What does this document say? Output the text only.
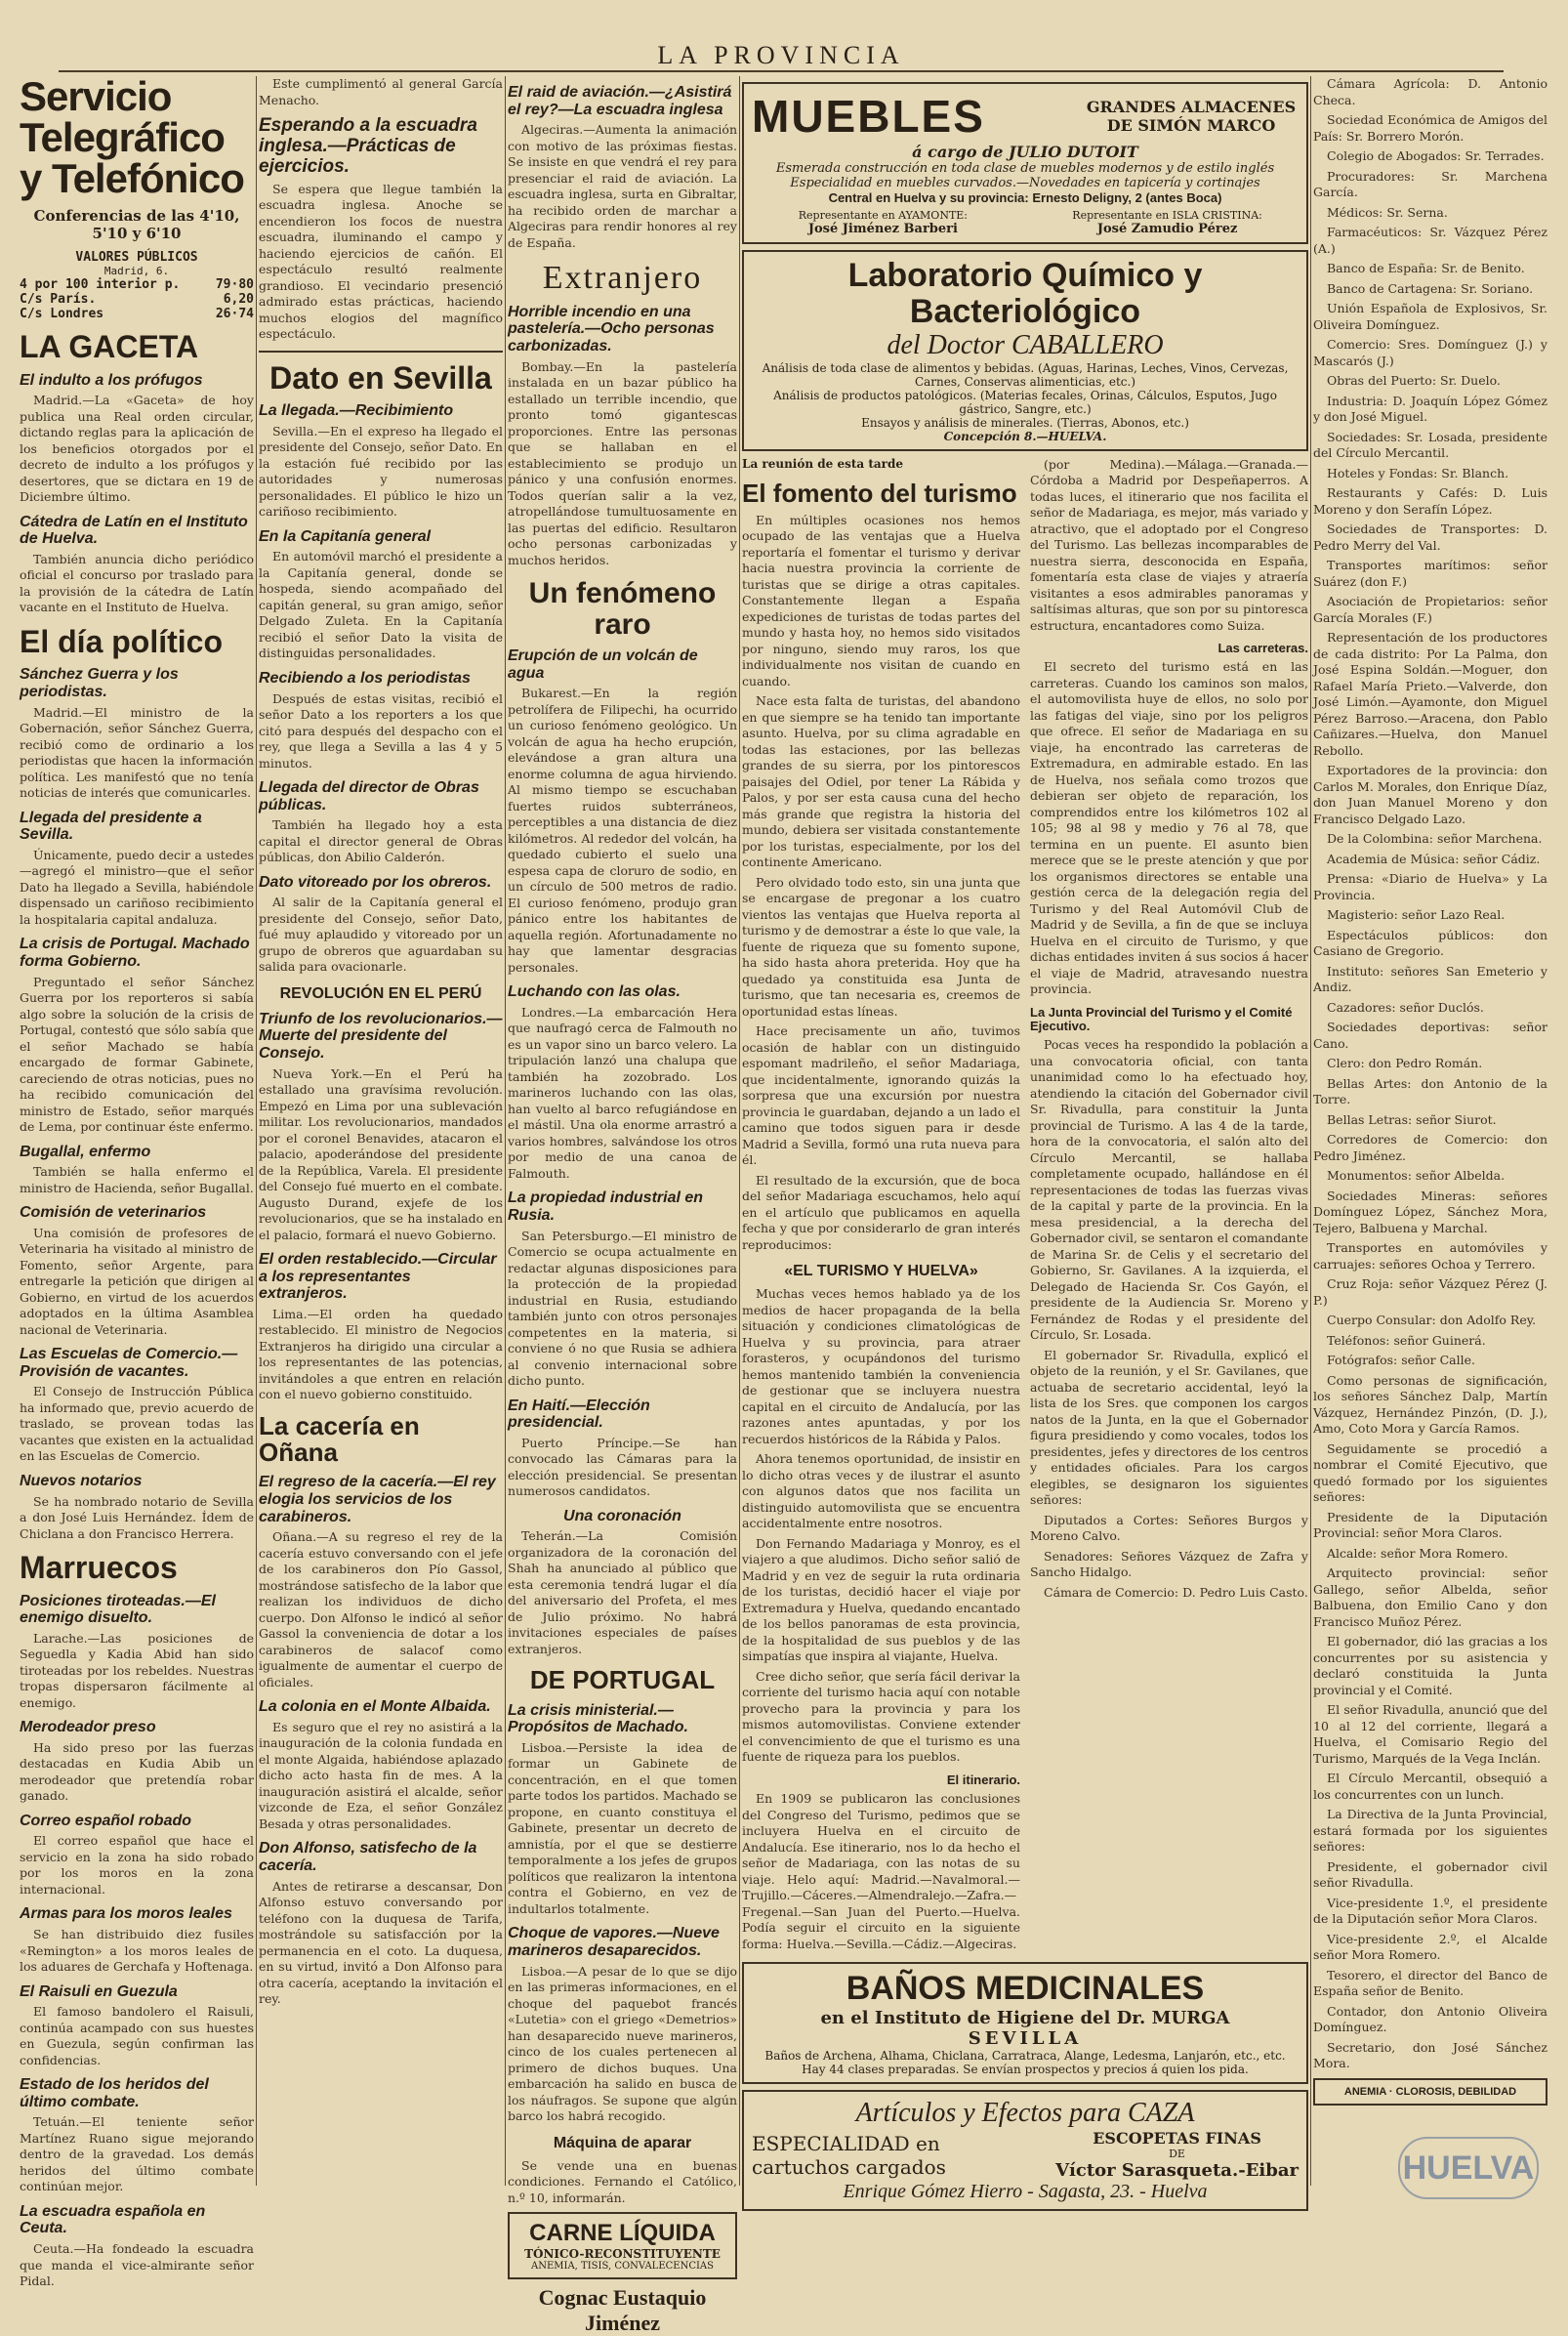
LA PROVINCIA
Servicio Telegráfico y Telefónico
Conferencias de las 4'10, 5'10 y 6'10
VALORES PÚBLICOS
Madrid, 6.
4 por 100 interior p.	79·80
C/s París.	6,20
C/s Londres	26·74
LA GACETA
El indulto a los prófugos

Madrid.—La «Gaceta» de hoy publica una Real orden circular, dictando reglas para la aplicación de los beneficios otorgados por el decreto de indulto a los prófugos y desertores, que se dictara en 19 de Diciembre último.

Cátedra de Latín en el Instituto de Huelva.

También anuncia dicho periódico oficial el concurso por traslado para la provisión de la cátedra de Latín vacante en el Instituto de Huelva.

El día político
Sánchez Guerra y los periodistas.

Madrid.—El ministro de la Gobernación, señor Sánchez Guerra, recibió como de ordinario a los periodistas que hacen la información política. Les manifestó que no tenía noticias de interés que comunicarles.

Llegada del presidente a Sevilla.

Únicamente, puedo decir a ustedes—agregó el ministro—que el señor Dato ha llegado a Sevilla, habiéndole dispensado un cariñoso recibimiento la hospitalaria capital andaluza.

La crisis de Portugal. Machado forma Gobierno.

Preguntado el señor Sánchez Guerra por los reporteros si sabía algo sobre la solución de la crisis de Portugal, contestó que sólo sabía que el señor Machado se había encargado de formar Gabinete, careciendo de otras noticias, pues no ha recibido comunicación del ministro de Estado, señor marqués de Lema, por continuar éste enfermo.

Bugallal, enfermo

También se halla enfermo el ministro de Hacienda, señor Bugallal.

Comisión de veterinarios

Una comisión de profesores de Veterinaria ha visitado al ministro de Fomento, señor Argente, para entregarle la petición que dirigen al Gobierno, en virtud de los acuerdos adoptados en la última Asamblea nacional de Veterinaria.

Las Escuelas de Comercio.—Provisión de vacantes.

El Consejo de Instrucción Pública ha informado que, previo acuerdo de traslado, se provean todas las vacantes que existen en la actualidad en las Escuelas de Comercio.

Nuevos notarios

Se ha nombrado notario de Sevilla a don José Luis Hernández. Ídem de Chiclana a don Francisco Herrera.

Marruecos
Posiciones tiroteadas.—El enemigo disuelto.

Larache.—Las posiciones de Seguedla y Kadia Abid han sido tiroteadas por los rebeldes. Nuestras tropas dispersaron fácilmente al enemigo.

Merodeador preso

Ha sido preso por las fuerzas destacadas en Kudia Abib un merodeador que pretendía robar ganado.

Correo español robado

El correo español que hace el servicio en la zona ha sido robado por los moros en la zona internacional.

Armas para los moros leales

Se han distribuido diez fusiles «Remington» a los moros leales de los aduares de Gerchafa y Hoftenaga.

El Raisuli en Guezula

El famoso bandolero el Raisuli, continúa acampado con sus huestes en Guezula, según confirman las confidencias.

Estado de los heridos del último combate.

Tetuán.—El teniente señor Martínez Ruano sigue mejorando dentro de la gravedad. Los demás heridos del último combate continúan mejor.

La escuadra española en Ceuta.

Ceuta.—Ha fondeado la escuadra que manda el vice-almirante señor Pidal.

Este cumplimentó al general García Menacho.

Esperando a la escuadra inglesa.—Prácticas de ejercicios.

Se espera que llegue también la escuadra inglesa. Anoche se encendieron los focos de nuestra escuadra, iluminando el campo y haciendo ejercicios de cañón. El espectáculo resultó realmente grandioso. El vecindario presenció admirado estas prácticas, haciendo muchos elogios del magnífico espectáculo.

Dato en Sevilla
La llegada.—Recibimiento

Sevilla.—En el expreso ha llegado el presidente del Consejo, señor Dato. En la estación fué recibido por las autoridades y numerosas personalidades. El público le hizo un cariñoso recibimiento.

En la Capitanía general

En automóvil marchó el presidente a la Capitanía general, donde se hospeda, siendo acompañado del capitán general, su gran amigo, señor Delgado Zuleta. En la Capitanía recibió el señor Dato la visita de distinguidas personalidades.

Recibiendo a los periodistas

Después de estas visitas, recibió el señor Dato a los reporters a los que citó para después del despacho con el rey, que llega a Sevilla a las 4 y 5 minutos.

Llegada del director de Obras públicas.

También ha llegado hoy a esta capital el director general de Obras públicas, don Abilio Calderón.

Dato vitoreado por los obreros.

Al salir de la Capitanía general el presidente del Consejo, señor Dato, fué muy aplaudido y vitoreado por un grupo de obreros que aguardaban su salida para ovacionarle.

REVOLUCIÓN EN EL PERÚ
Triunfo de los revolucionarios.—Muerte del presidente del Consejo.

Nueva York.—En el Perú ha estallado una gravísima revolución. Empezó en Lima por una sublevación militar. Los revolucionarios, mandados por el coronel Benavides, atacaron el palacio, apoderándose del presidente de la República, Varela. El presidente del Consejo fué muerto en el combate. Augusto Durand, exjefe de los revolucionarios, que se ha instalado en el palacio, formará el nuevo Gobierno.

El orden restablecido.—Circular a los representantes extranjeros.

Lima.—El orden ha quedado restablecido. El ministro de Negocios Extranjeros ha dirigido una circular a los representantes de las potencias, invitándoles a que entren en relación con el nuevo gobierno constituido.

La cacería en Oñana
El regreso de la cacería.—El rey elogia los servicios de los carabineros.

Oñana.—A su regreso el rey de la cacería estuvo conversando con el jefe de los carabineros don Pío Gassol, mostrándose satisfecho de la labor que realizan los individuos de dicho cuerpo. Don Alfonso le indicó al señor Gassol la conveniencia de dotar a los carabineros de salacof como igualmente de aumentar el cuerpo de oficiales.

La colonia en el Monte Albaida.

Es seguro que el rey no asistirá a la inauguración de la colonia fundada en el monte Algaida, habiéndose aplazado dicho acto hasta fin de mes. A la inauguración asistirá el alcalde, señor vizconde de Eza, el señor González Besada y otras personalidades.

Don Alfonso, satisfecho de la cacería.

Antes de retirarse a descansar, Don Alfonso estuvo conversando por teléfono con la duquesa de Tarifa, mostrándole su satisfacción por la permanencia en el coto. La duquesa, en su virtud, invitó a Don Alfonso para otra cacería, aceptando la invitación el rey.

El raid de aviación.—¿Asistirá el rey?—La escuadra inglesa

Algeciras.—Aumenta la animación con motivo de las próximas fiestas. Se insiste en que vendrá el rey para presenciar el raid de aviación. La escuadra inglesa, surta en Gibraltar, ha recibido orden de marchar a Algeciras para rendir honores al rey de España.

Extranjero
Horrible incendio en una pastelería.—Ocho personas carbonizadas.

Bombay.—En la pastelería instalada en un bazar público ha estallado un terrible incendio, que pronto tomó gigantescas proporciones. Entre las personas que se hallaban en el establecimiento se produjo un pánico y una confusión enormes. Todos querían salir a la vez, atropellándose tumultuosamente en las puertas del edificio. Resultaron ocho personas carbonizadas y muchos heridos.

Un fenómeno raro
Erupción de un volcán de agua

Bukarest.—En la región petrolífera de Filipechi, ha ocurrido un curioso fenómeno geológico. Un volcán de agua ha hecho erupción, elevándose a gran altura una enorme columna de agua hirviendo. Al mismo tiempo se escuchaban fuertes ruidos subterráneos, perceptibles a una distancia de diez kilómetros. Al rededor del volcán, ha quedado cubierto el suelo una espesa capa de cloruro de sodio, en un círculo de 500 metros de radio. El curioso fenómeno, produjo gran pánico entre los habitantes de aquella región. Afortunadamente no hay que lamentar desgracias personales.

Luchando con las olas.

Londres.—La embarcación Hera que naufragó cerca de Falmouth no es un vapor sino un barco velero. La tripulación lanzó una chalupa que también ha zozobrado. Los marineros luchando con las olas, han vuelto al barco refugiándose en el mástil. Una ola enorme arrastró a varios hombres, salvándose los otros por medio de una canoa de Falmouth.

La propiedad industrial en Rusia.

San Petersburgo.—El ministro de Comercio se ocupa actualmente en redactar algunas disposiciones para la protección de la propiedad industrial en Rusia, estudiando también junto con otros personajes competentes en la materia, si conviene ó no que Rusia se adhiera al convenio internacional sobre dicho punto.

En Haití.—Elección presidencial.

Puerto Príncipe.—Se han convocado las Cámaras para la elección presidencial. Se presentan numerosos candidatos.

Una coronación

Teherán.—La Comisión organizadora de la coronación del Shah ha anunciado al público que esta ceremonia tendrá lugar el día del aniversario del Profeta, el mes de Julio próximo. No habrá invitaciones especiales de países extranjeros.

DE PORTUGAL
La crisis ministerial.—Propósitos de Machado.

Lisboa.—Persiste la idea de formar un Gabinete de concentración, en el que tomen parte todos los partidos. Machado se propone, en cuanto constituya el Gabinete, presentar un decreto de amnistía, por el que se destierre temporalmente a los jefes de grupos políticos que realizaron la intentona contra el Gobierno, en vez de indultarlos totalmente.

Choque de vapores.—Nueve marineros desaparecidos.

Lisboa.—A pesar de lo que se dijo en las primeras informaciones, en el choque del paquebot francés «Lutetia» con el griego «Demetrios» han desaparecido nueve marineros, cinco de los cuales pertenecen al primero de dichos buques. Una embarcación ha salido en busca de los náufragos. Se supone que algún barco los habrá recogido.

Máquina de aparar

Se vende una en buenas condiciones. Fernando el Católico, n.º 10, informarán.

CARNE LÍQUIDA
TÓNICO-RECONSTITUYENTE
ANEMIA, TISIS, CONVALECENCIAS
Cognac Eustaquio Jiménez
MUEBLES	GRANDES ALMACENES DE SIMÓN MARCO
á cargo de JULIO DUTOIT
Esmerada construcción en toda clase de muebles modernos y de estilo inglés
Especialidad en muebles curvados.—Novedades en tapicería y cortinajes
Central en Huelva y su provincia: Ernesto Deligny, 2 (antes Boca)
Representante en AYAMONTE:
José Jiménez Barberi
Representante en ISLA CRISTINA:
José Zamudio Pérez
Laboratorio Químico y Bacteriológico
del Doctor CABALLERO
Análisis de toda clase de alimentos y bebidas. (Aguas, Harinas, Leches, Vinos, Cervezas, Carnes, Conservas alimenticias, etc.)
Análisis de productos patológicos. (Materias fecales, Orinas, Cálculos, Esputos, Jugo gástrico, Sangre, etc.)
Ensayos y análisis de minerales. (Tierras, Abonos, etc.)
Concepción 8.—HUELVA.
La reunión de esta tarde
El fomento del turismo

En múltiples ocasiones nos hemos ocupado de las ventajas que a Huelva reportaría el fomentar el turismo y derivar hacia nuestra provincia la corriente de turistas que se dirige a otras capitales. Constantemente llegan a España expediciones de turistas de todas partes del mundo y hasta hoy, no hemos sido visitados por ninguno, siendo muy raros, los que individualmente nos visitan de cuando en cuando.

Nace esta falta de turistas, del abandono en que siempre se ha tenido tan importante asunto. Huelva, por su clima agradable en todas las estaciones, por las bellezas grandes de su sierra, por los pintorescos paisajes del Odiel, por tener La Rábida y Palos, y por ser esta causa cuna del hecho más grande que registra la historia del mundo, debiera ser visitada constantemente por los turistas, especialmente, por los del continente Americano.

Pero olvidado todo esto, sin una junta que se encargase de pregonar a los cuatro vientos las ventajas que Huelva reporta al turismo y de demostrar a éste lo que vale, la fuente de riqueza que su fomento supone, ha sido hasta ahora preterida. Hoy que ha quedado ya constituida esa Junta de turismo, que tan necesaria es, creemos de oportunidad estas líneas.

Hace precisamente un año, tuvimos ocasión de hablar con un distinguido espomant madrileño, el señor Madariaga, que incidentalmente, ignorando quizás la sorpresa que una excursión por nuestra provincia le guardaban, dejando a un lado el camino que todos siguen para ir desde Madrid a Sevilla, formó una ruta nueva para él.

El resultado de la excursión, que de boca del señor Madariaga escuchamos, helo aquí en el artículo que publicamos en aquella fecha y que por considerarlo de gran interés reproducimos:

«EL TURISMO Y HUELVA»

Muchas veces hemos hablado ya de los medios de hacer propaganda de la bella situación y condiciones climatológicas de Huelva y su provincia, para atraer forasteros, y ocupándonos del turismo hemos mantenido también la conveniencia de gestionar que se incluyera nuestra capital en el circuito de Andalucía, por las razones antes apuntadas, y por los recuerdos históricos de la Rábida y Palos.

Ahora tenemos oportunidad, de insistir en lo dicho otras veces y de ilustrar el asunto con algunos datos que nos facilita un distinguido automovilista que se encuentra accidentalmente entre nosotros.

Don Fernando Madariaga y Monroy, es el viajero a que aludimos. Dicho señor salió de Madrid y en vez de seguir la ruta ordinaria de los turistas, decidió hacer el viaje por Extremadura y Huelva, quedando encantado de los bellos panoramas de esta provincia, de la hospitalidad de sus pueblos y de las simpatías que inspira al viajante, Huelva.

Cree dicho señor, que sería fácil derivar la corriente del turismo hacia aquí con notable provecho para la provincia y para los mismos automovilistas. Conviene extender el convencimiento de que el turismo es una fuente de riqueza para los pueblos.

El itinerario.

En 1909 se publicaron las conclusiones del Congreso del Turismo, pedimos que se incluyera Huelva en el circuito de Andalucía. Ese itinerario, nos lo da hecho el señor de Madariaga, con las notas de su viaje. Helo aquí: Madrid.—Navalmoral.—Trujillo.—Cáceres.—Almendralejo.—Zafra.—Fregenal.—San Juan del Puerto.—Huelva. Podía seguir el circuito en la siguiente forma: Huelva.—Sevilla.—Cádiz.—Algeciras.

(por Medina).—Málaga.—Granada.—Córdoba a Madrid por Despeñaperros. A todas luces, el itinerario que nos facilita el señor de Madariaga, es mejor, más variado y atractivo, que el adoptado por el Congreso del Turismo. Las bellezas incomparables de nuestra sierra, desconocida en España, fomentaría esta clase de viajes y atraería visitantes a esos admirables panoramas y saltísimas alturas, que son por su pintoresca estructura, encantadores como Suiza.

Las carreteras.

El secreto del turismo está en las carreteras. Cuando los caminos son malos, el automovilista huye de ellos, no solo por las fatigas del viaje, sino por los peligros que ofrece. El señor de Madariaga en su viaje, ha encontrado las carreteras de Extremadura, en admirable estado. En las de Huelva, nos señala como trozos que debieran ser objeto de reparación, los comprendidos entre los kilómetros 102 al 105; 98 al 98 y medio y 76 al 78, que termina en un puente. El asunto bien merece que se le preste atención y que por los organismos directores se entable una gestión cerca de la delegación regia del Turismo y del Real Automóvil Club de Madrid y de Sevilla, a fin de que se incluya Huelva en el circuito de Turismo, y que dichas entidades inviten á sus socios á hacer el viaje de Madrid, atravesando nuestra provincia.

La Junta Provincial del Turismo y el Comité Ejecutivo.

Pocas veces ha respondido la población a una convocatoria oficial, con tanta unanimidad como lo ha efectuado hoy, atendiendo la citación del Gobernador civil Sr. Rivadulla, para constituir la Junta provincial de Turismo. A las 4 de la tarde, hora de la convocatoria, el salón alto del Círculo Mercantil, se hallaba completamente ocupado, hallándose en él representaciones de todas las fuerzas vivas de la capital y parte de la provincia. En la mesa presidencial, a la derecha del Gobernador civil, se sentaron el comandante de Marina Sr. de Celis y el secretario del Gobierno, Sr. Gavilanes. A la izquierda, el Delegado de Hacienda Sr. Cos Gayón, el presidente de la Audiencia Sr. Moreno y Fernández de Rodas y el presidente del Círculo, Sr. Losada.

El gobernador Sr. Rivadulla, explicó el objeto de la reunión, y el Sr. Gavilanes, que actuaba de secretario accidental, leyó la lista de los Sres. que componen los cargos natos de la Junta, en la que el Gobernador figura presidiendo y como vocales, todos los presidentes, jefes y directores de los centros y entidades oficiales. Para los cargos elegibles, se designaron los siguientes señores:

Diputados a Cortes: Señores Burgos y Moreno Calvo.

Senadores: Señores Vázquez de Zafra y Sancho Hidalgo.

Cámara de Comercio: D. Pedro Luis Casto.

BAÑOS MEDICINALES
en el Instituto de Higiene del Dr. MURGA
SEVILLA
Baños de Archena, Alhama, Chiclana, Carratraca, Alange, Ledesma, Lanjarón, etc., etc.
Hay 44 clases preparadas. Se envían prospectos y precios á quien los pida.
Artículos y Efectos para CAZA
ESPECIALIDAD en
cartuchos cargados
ESCOPETAS FINAS
DE
Víctor Sarasqueta.-Eibar
Enrique Gómez Hierro - Sagasta, 23. - Huelva

Cámara Agrícola: D. Antonio Checa.

Sociedad Económica de Amigos del País: Sr. Borrero Morón.

Colegio de Abogados: Sr. Terrades.

Procuradores: Sr. Marchena García.

Médicos: Sr. Serna.

Farmacéuticos: Sr. Vázquez Pérez (A.)

Banco de España: Sr. de Benito.

Banco de Cartagena: Sr. Soriano.

Unión Española de Explosivos, Sr. Oliveira Domínguez.

Comercio: Sres. Domínguez (J.) y Mascarós (J.)

Obras del Puerto: Sr. Duelo.

Industria: D. Joaquín López Gómez y don José Miguel.

Sociedades: Sr. Losada, presidente del Círculo Mercantil.

Hoteles y Fondas: Sr. Blanch.

Restaurants y Cafés: D. Luis Moreno y don Serafín López.

Sociedades de Transportes: D. Pedro Merry del Val.

Transportes marítimos: señor Suárez (don F.)

Asociación de Propietarios: señor García Morales (F.)

Representación de los productores de cada distrito: Por La Palma, don José Espina Soldán.—Moguer, don Rafael María Prieto.—Valverde, don José Limón.—Ayamonte, don Miguel Pérez Barroso.—Aracena, don Pablo Cañizares.—Huelva, don Manuel Rebollo.

Exportadores de la provincia: don Carlos M. Morales, don Enrique Díaz, don Juan Manuel Moreno y don Francisco Delgado Lazo.

De la Colombina: señor Marchena.

Academia de Música: señor Cádiz.

Prensa: «Diario de Huelva» y La Provincia.

Magisterio: señor Lazo Real.

Espectáculos públicos: don Casiano de Gregorio.

Instituto: señores San Emeterio y Andiz.

Cazadores: señor Duclós.

Sociedades deportivas: señor Cano.

Clero: don Pedro Román.

Bellas Artes: don Antonio de la Torre.

Bellas Letras: señor Siurot.

Corredores de Comercio: don Pedro Jiménez.

Monumentos: señor Albelda.

Sociedades Mineras: señores Domínguez López, Sánchez Mora, Tejero, Balbuena y Marchal.

Transportes en automóviles y carruajes: señores Ochoa y Terrero.

Cruz Roja: señor Vázquez Pérez (J. P.)

Cuerpo Consular: don Adolfo Rey.

Teléfonos: señor Guinerá.

Fotógrafos: señor Calle.

Como personas de significación, los señores Sánchez Dalp, Martín Vázquez, Hernández Pinzón, (D. J.), Amo, Coto Mora y García Ramos.

Seguidamente se procedió a nombrar el Comité Ejecutivo, que quedó formado por los siguientes señores:

Presidente de la Diputación Provincial: señor Mora Claros.

Alcalde: señor Mora Romero.

Arquitecto provincial: señor Gallego, señor Albelda, señor Balbuena, don Emilio Cano y don Francisco Muñoz Pérez.

El gobernador, dió las gracias a los concurrentes por su asistencia y declaró constituida la Junta provincial y el Comité.

El señor Rivadulla, anunció que del 10 al 12 del corriente, llegará a Huelva, el Comisario Regio del Turismo, Marqués de la Vega Inclán.

El Círculo Mercantil, obsequió a los concurrentes con un lunch.

La Directiva de la Junta Provincial, estará formada por los siguientes señores:

Presidente, el gobernador civil señor Rivadulla.

Vice-presidente 1.º, el presidente de la Diputación señor Mora Claros.

Vice-presidente 2.º, el Alcalde señor Mora Romero.

Tesorero, el director del Banco de España señor de Benito.

Contador, don Antonio Oliveira Domínguez.

Secretario, don José Sánchez Mora.

ANEMIA · CLOROSIS, DEBILIDAD
HUELVA
